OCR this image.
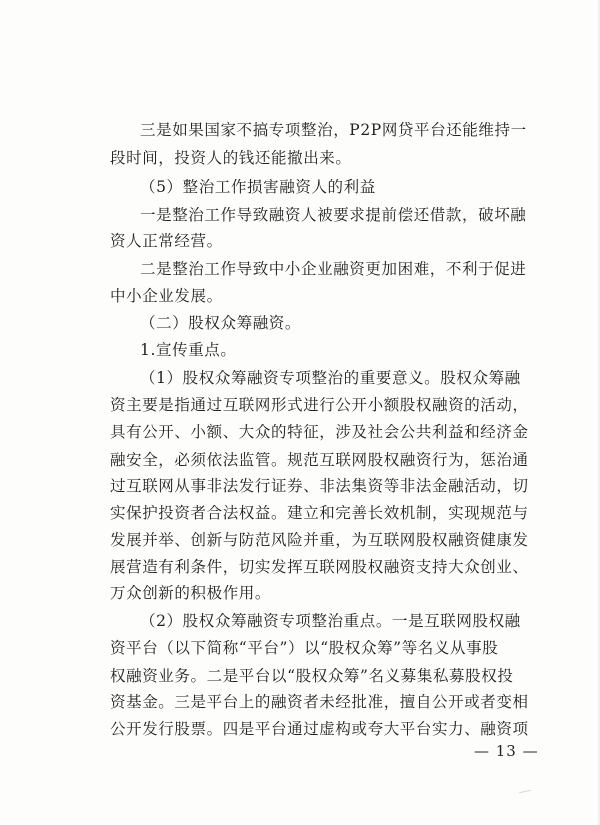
三是如果国家不搞专项整治，P2P网贷平台还能维持一
段时间，投资人的钱还能撤出来。
（5）整治工作损害融资人的利益
一是整治工作导致融资人被要求提前偿还借款，破坏融
资人正常经营。
二是整治工作导致中小企业融资更加困难，不利于促进
中小企业发展。
（二）股权众筹融资。
1.宣传重点。
（1）股权众筹融资专项整治的重要意义。股权众筹融
资主要是指通过互联网形式进行公开小额股权融资的活动，
具有公开、小额、大众的特征，涉及社会公共利益和经济金
融安全，必须依法监管。规范互联网股权融资行为，惩治通
过互联网从事非法发行证券、非法集资等非法金融活动，切
实保护投资者合法权益。建立和完善长效机制，实现规范与
发展并举、创新与防范风险并重，为互联网股权融资健康发
展营造有利条件，切实发挥互联网股权融资支持大众创业、
万众创新的积极作用。
（2）股权众筹融资专项整治重点。一是互联网股权融
资平台（以下简称“平台”）以“股权众筹”等名义从事股
权融资业务。二是平台以“股权众筹”名义募集私募股权投
资基金。三是平台上的融资者未经批准，擅自公开或者变相
公开发行股票。四是平台通过虚构或夸大平台实力、融资项
— 13 —
